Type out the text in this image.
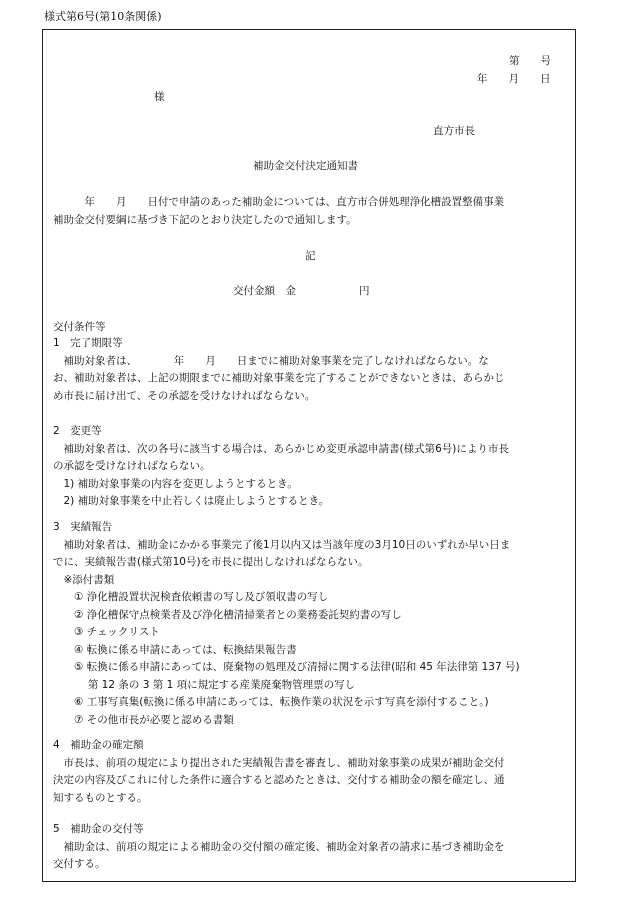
様式第6号(第10条関係)
第　　号
年　　月　　日
様
直方市長
補助金交付決定通知書
　　　年　　月　　日付で申請のあった補助金については、直方市合併処理浄化槽設置整備事業
補助金交付要綱に基づき下記のとおり決定したので通知します。
記
交付金額　金　　　　　　円
交付条件等
1　完了期限等
　補助対象者は、　　　　年　　月　　日までに補助対象事業を完了しなければならない。な
お、補助対象者は、上記の期限までに補助対象事業を完了することができないときは、あらかじ
め市長に届け出て、その承認を受けなければならない。
2　変更等
　補助対象者は、次の各号に該当する場合は、あらかじめ変更承認申請書(様式第6号)により市長
の承認を受けなければならない。
　1) 補助対象事業の内容を変更しようとするとき。
　2) 補助対象事業を中止若しくは廃止しようとするとき。
3　実績報告
　補助対象者は、補助金にかかる事業完了後1月以内又は当該年度の3月10日のいずれか早い日ま
でに、実績報告書(様式第10号)を市長に提出しなければならない。
　※添付書類
　　① 浄化槽設置状況検査依頼書の写し及び領収書の写し
　　② 浄化槽保守点検業者及び浄化槽清掃業者との業務委託契約書の写し
　　③ チェックリスト
　　④ 転換に係る申請にあっては、転換結果報告書
　　⑤ 転換に係る申請にあっては、廃棄物の処理及び清掃に関する法律(昭和 45 年法律第 137 号)
　　　 第 12 条の 3 第 1 項に規定する産業廃棄物管理票の写し
　　⑥ 工事写真集(転換に係る申請にあっては、転換作業の状況を示す写真を添付すること。)
　　⑦ その他市長が必要と認める書類
4　補助金の確定額
　市長は、前項の規定により提出された実績報告書を審査し、補助対象事業の成果が補助金交付
決定の内容及びこれに付した条件に適合すると認めたときは、交付する補助金の額を確定し、通
知するものとする。
5　補助金の交付等
　補助金は、前項の規定による補助金の交付額の確定後、補助金対象者の請求に基づき補助金を
交付する。
